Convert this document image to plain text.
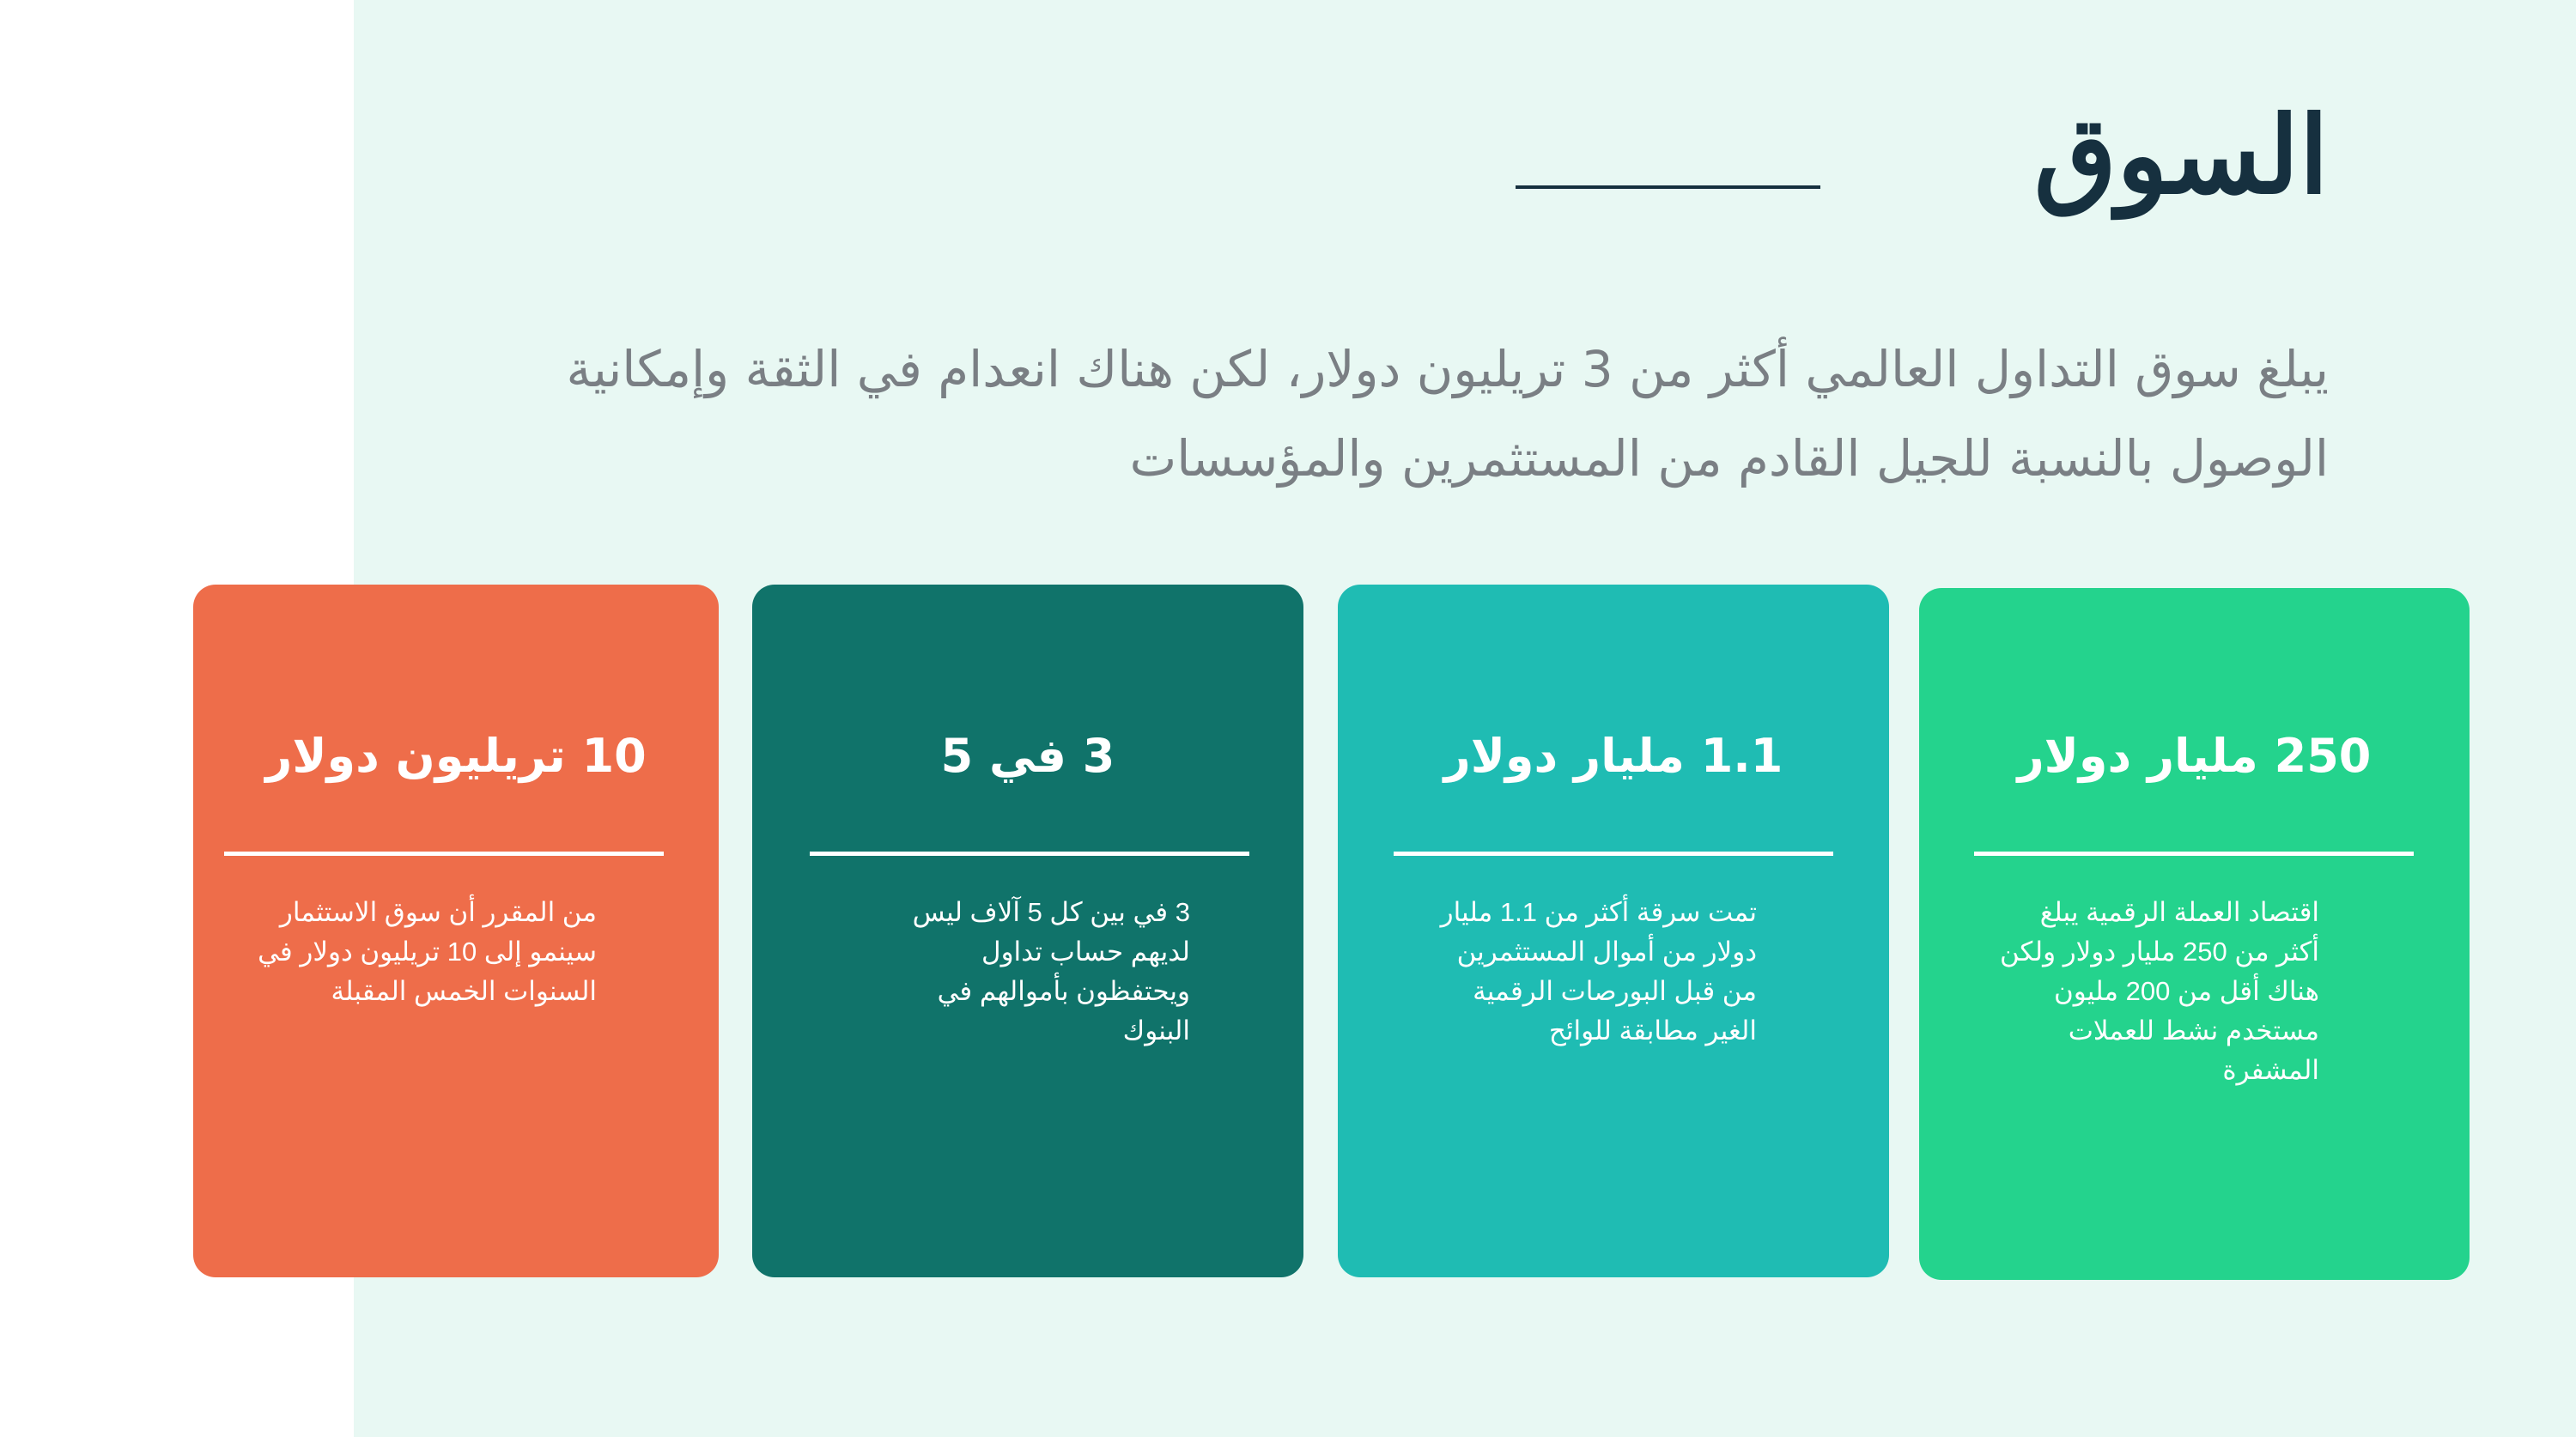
السوق

يبلغ سوق التداول العالمي أكثر من 3 تريليون دولار، لكن هناك انعدام في الثقة وإمكانية الوصول بالنسبة للجيل القادم من المستثمرين والمؤسسات

10 تريليون دولار
من المقرر أن سوق الاستثمار سينمو إلى 10 تريليون دولار في السنوات الخمس المقبلة
3 في 5
3 في بين كل 5 آلاف ليس لديهم حساب تداول ويحتفظون بأموالهم في البنوك
1.1 مليار دولار
تمت سرقة أكثر من 1.1 مليار دولار من أموال المستثمرين من قبل البورصات الرقمية الغير مطابقة للوائح
250 مليار دولار
اقتصاد العملة الرقمية يبلغ أكثر من 250 مليار دولار ولكن هناك أقل من 200 مليون مستخدم نشط للعملات المشفرة
